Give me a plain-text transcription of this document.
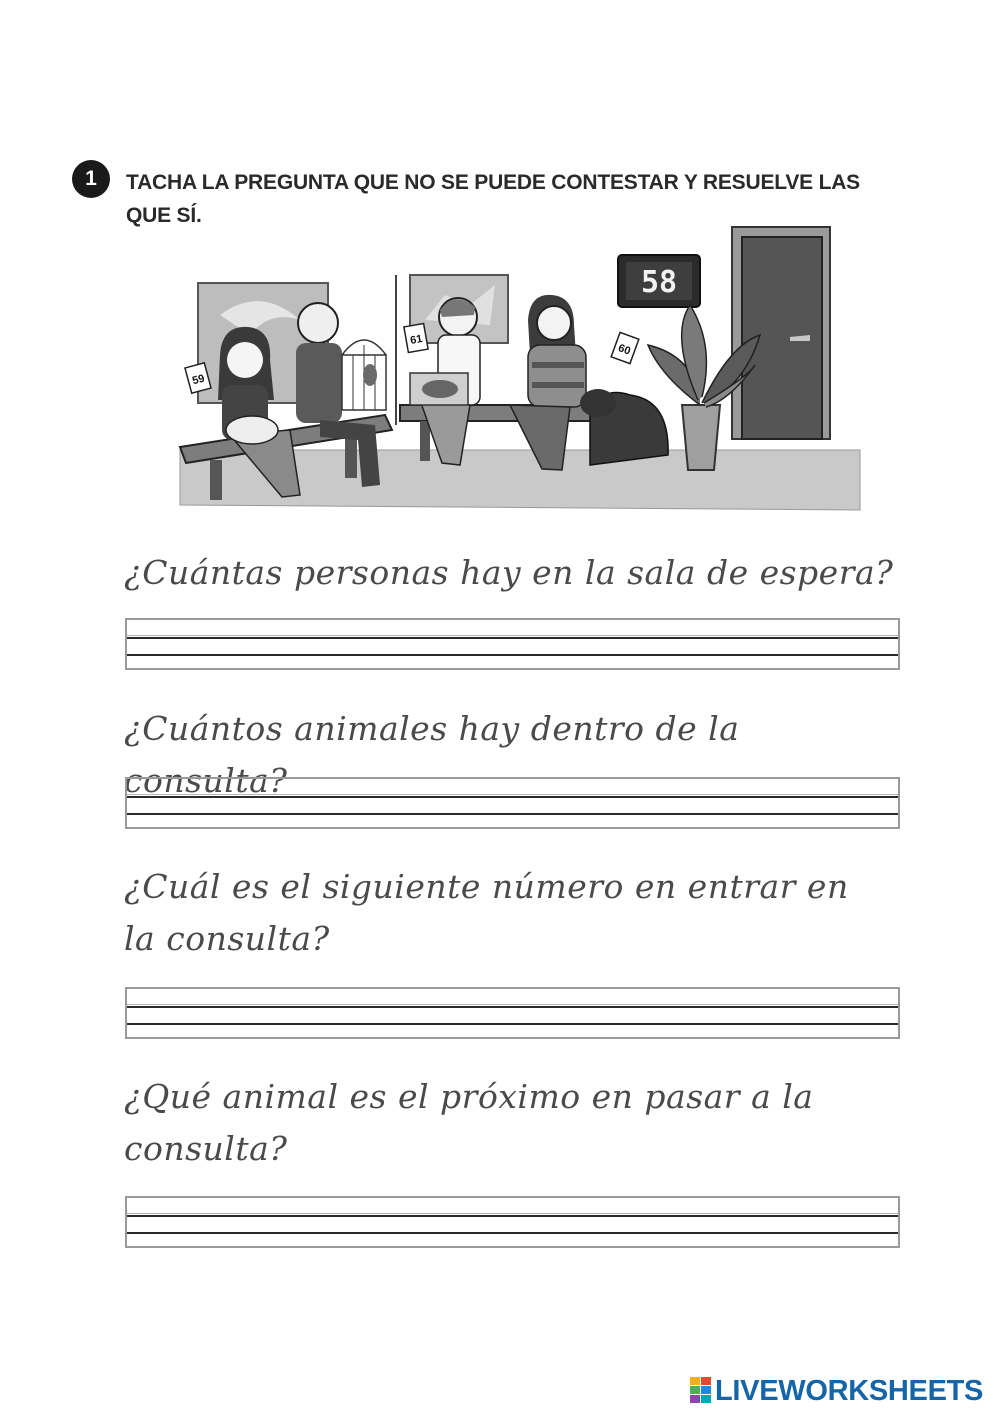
1	TACHA LA PREGUNTA QUE NO SE PUEDE CONTESTAR Y RESUELVE LAS QUE SÍ.

58
59
61
60

¿Cuántas personas hay en la sala de espera?

¿Cuántos animales hay dentro de la consulta?

¿Cuál es el siguiente número en entrar en la consulta?

¿Qué animal es el próximo en pasar a la consulta?

LIVEWORKSHEETS
